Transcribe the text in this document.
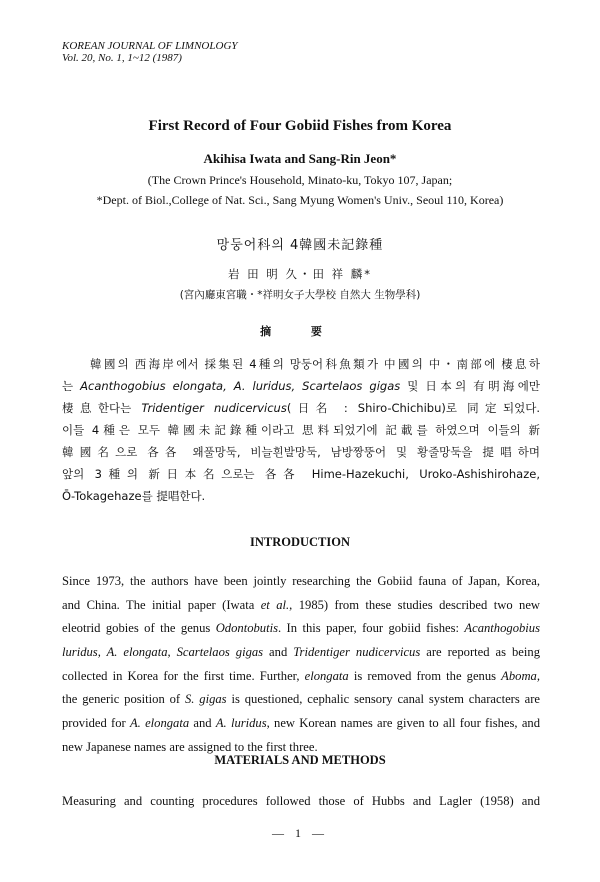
KOREAN JOURNAL OF LIMNOLOGY
Vol. 20, No. 1, 1~12 (1987)
First Record of Four Gobiid Fishes from Korea
Akihisa Iwata and Sang-Rin Jeon*
(The Crown Prince's Household, Minato-ku, Tokyo 107, Japan;
*Dept. of Biol.,College of Nat. Sci., Sang Myung Women's Univ., Seoul 110, Korea)
망둥어科의 4韓國未記錄種
岩 田 明 久・田 祥 麟*
(宮內廳東宮職・*祥明女子大學校 自然大 生物學科)
摘 要
韓國의 西海岸에서 採集된 4種의 망둥어科魚類가 中國의 中・南部에 棲息하
는 Acanthogobius elongata, A. luridus, Scartelaos gigas 및 日本의 有明海에만
棲息한다는 Tridentiger nudicervicus(日名 : Shiro-Chichibu)로 同定되었다.
이들 4種은 모두 韓國未記錄種이라고 思料되었기에 記載를 하였으며 이들의 新
韓國名으로 各各 왜풀망둑, 비늘흰발망둑, 남방짱뚱어 및 황줄망둑을 提唱하며
앞의 3種의 新日本名으로는 各各 Hime-Hazekuchi, Uroko-Ashishirohaze,
Ō-Tokagehaze를 提唱한다.
INTRODUCTION
Since 1973, the authors have been jointly researching the Gobiid fauna of Japan, Korea,
and China. The initial paper (Iwata et al., 1985) from these studies described two new
eleotrid gobies of the genus Odontobutis. In this paper, four gobiid fishes: Acanthogobius
luridus, A. elongata, Scartelaos gigas and Tridentiger nudicervicus are reported as being
collected in Korea for the first time. Further, elongata is removed from the genus Aboma,
the generic position of S. gigas is questioned, cephalic sensory canal system characters are
provided for A. elongata and A. luridus, new Korean names are given to all four fishes, and
new Japanese names are assigned to the first three.
MATERIALS AND METHODS
Measuring and counting procedures followed those of Hubbs and Lagler (1958) and
— 1 —
